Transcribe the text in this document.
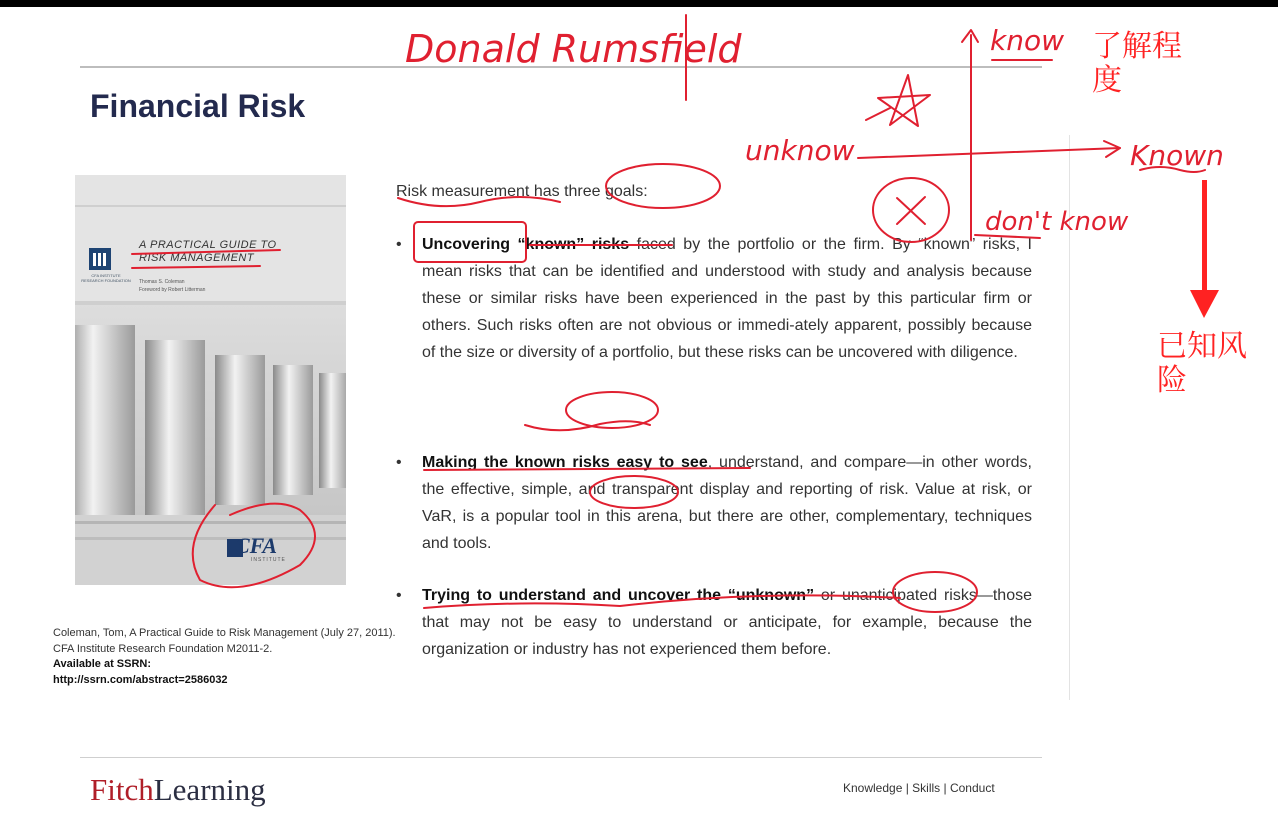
Financial Risk
A PRACTICAL GUIDE TO
RISK MANAGEMENT
Thomas S. Coleman
Foreword by Robert Litterman
CFA INSTITUTE RESEARCH FOUNDATION
CFA
INSTITUTE
Coleman, Tom, A Practical Guide to Risk Management (July 27, 2011). CFA Institute Research Foundation M2011-2.
Available at SSRN:
http://ssrn.com/abstract=2586032

Risk measurement has three goals:

• Uncovering “known” risks faced by the portfolio or the firm. By “known” risks, I mean risks that can be identified and understood with study and analysis because these or similar risks have been experienced in the past by this particular firm or others. Such risks often are not obvious or immedi-ately apparent, possibly because of the size or diversity of a portfolio, but these risks can be uncovered with diligence.

• Making the known risks easy to see, understand, and compare—in other words, the effective, simple, and transparent display and reporting of risk. Value at risk, or VaR, is a popular tool in this arena, but there are other, complementary, techniques and tools.

• Trying to understand and uncover the “unknown” or unanticipated risks—those that may not be easy to understand or anticipate, for example, because the organization or industry has not experienced them before.

FitchLearning	Knowledge | Skills | Conduct
Donald Rumsfield	know
unknow	Known
don't know
了解程度
已知风险
